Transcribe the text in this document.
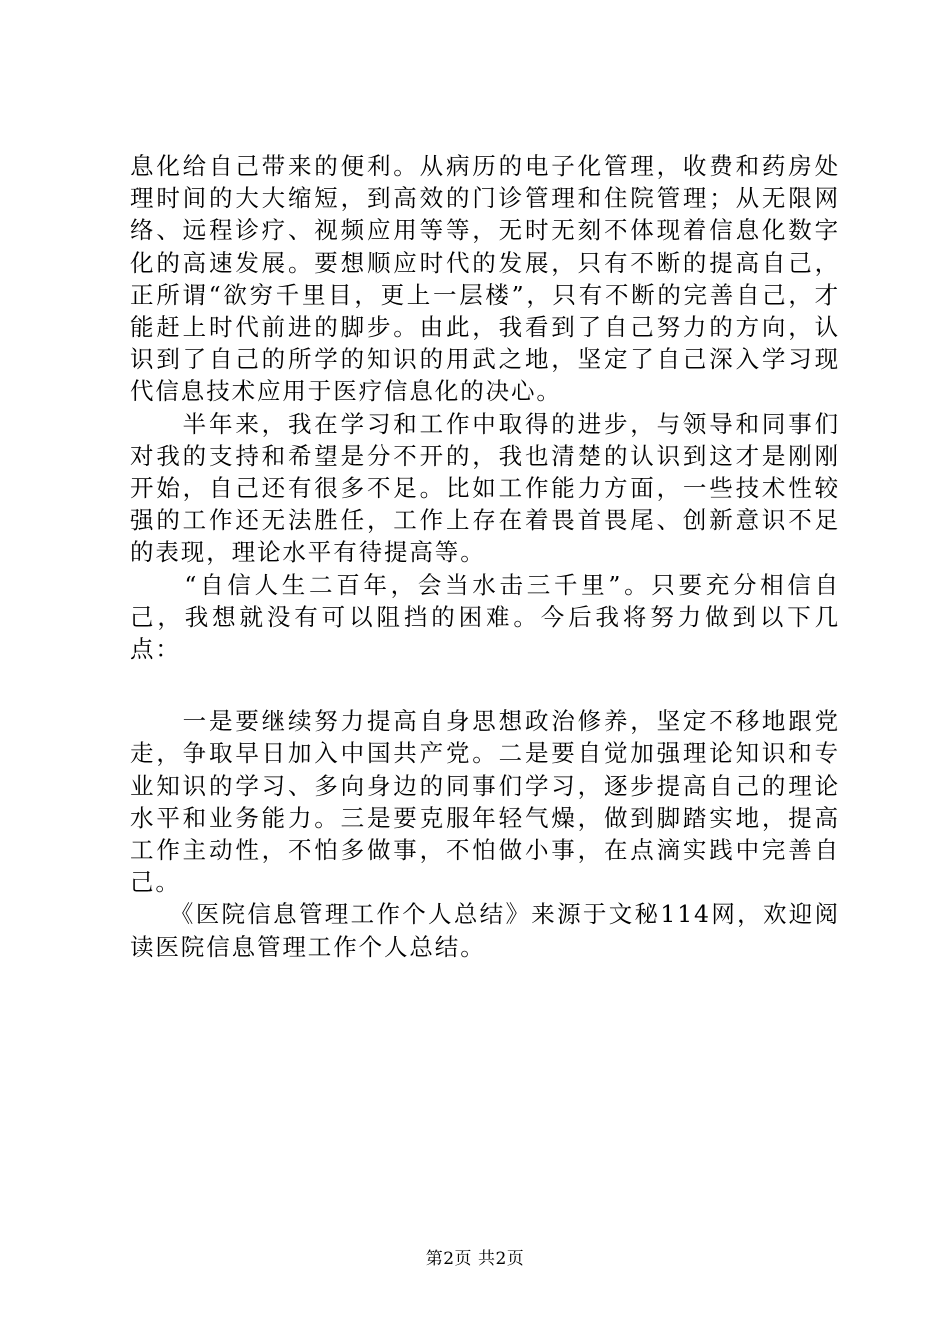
息化给自己带来的便利。从病历的电子化管理，收费和药房处理时间的大大缩短，到高效的门诊管理和住院管理；从无限网络、远程诊疗、视频应用等等，无时无刻不体现着信息化数字化的高速发展。要想顺应时代的发展，只有不断的提高自己，正所谓“欲穷千里目，更上一层楼”，只有不断的完善自己，才能赶上时代前进的脚步。由此，我看到了自己努力的方向，认识到了自己的所学的知识的用武之地，坚定了自己深入学习现代信息技术应用于医疗信息化的决心。

　　半年来，我在学习和工作中取得的进步，与领导和同事们对我的支持和希望是分不开的，我也清楚的认识到这才是刚刚开始，自己还有很多不足。比如工作能力方面，一些技术性较强的工作还无法胜任，工作上存在着畏首畏尾、创新意识不足的表现，理论水平有待提高等。

　　“自信人生二百年，会当水击三千里”。只要充分相信自己，我想就没有可以阻挡的困难。今后我将努力做到以下几点：

　　一是要继续努力提高自身思想政治修养，坚定不移地跟党走，争取早日加入中国共产党。二是要自觉加强理论知识和专业知识的学习、多向身边的同事们学习，逐步提高自己的理论水平和业务能力。三是要克服年轻气燥，做到脚踏实地，提高工作主动性，不怕多做事，不怕做小事，在点滴实践中完善自己。

　　《医院信息管理工作个人总结》来源于文秘114网，欢迎阅读医院信息管理工作个人总结。

第2页 共2页
